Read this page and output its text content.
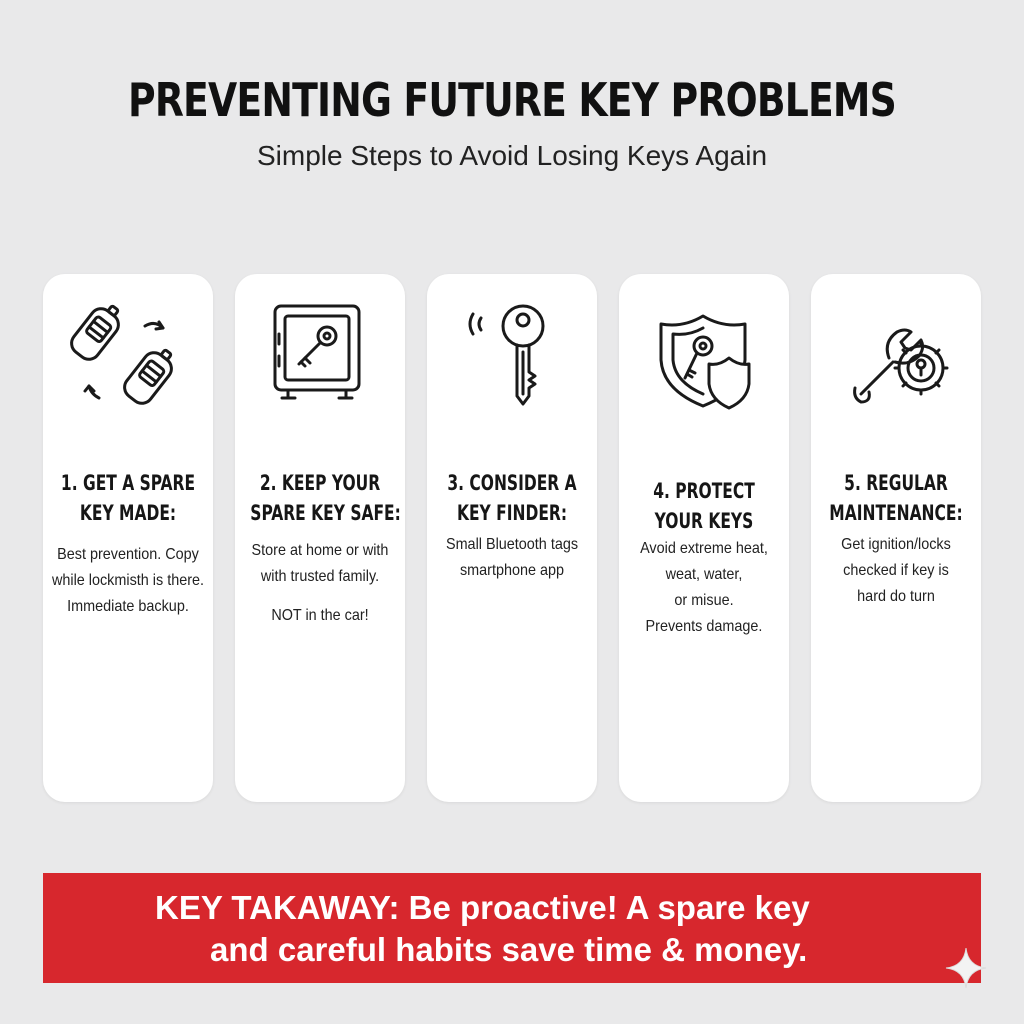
PREVENTING FUTURE KEY PROBLEMS
Simple Steps to Avoid Losing Keys Again
1. GET A SPARE
KEY MADE:
Best prevention. Copy
while lockmisth is there.
Immediate backup.
2. KEEP YOUR
SPARE KEY SAFE:
Store at home or with
with trusted family.
NOT in the car!
3. CONSIDER A
KEY FINDER:
Small Bluetooth tags
smartphone app
4. PROTECT
YOUR KEYS
Avoid extreme heat,
weat, water,
or misue.
Prevents damage.
5. REGULAR
MAINTENANCE:
Get ignition/locks
checked if key is
hard do turn
KEY TAKAWAY: Be proactive! A spare key
and careful habits save time & money.
